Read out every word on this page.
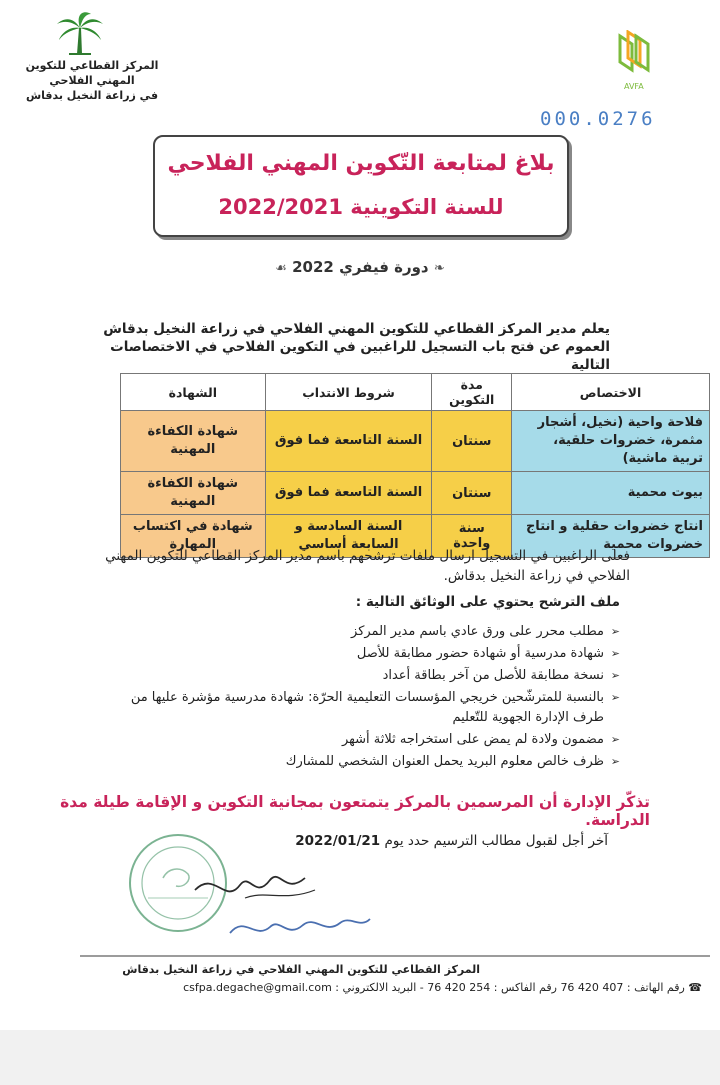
المركز القطاعي للتكوين المهني الفلاحي
في زراعة النخيل بدقاش
AVFA
000.0276
بلاغ لمتابعة التّكوين المهني الفلاحي
للسنة التكوينية 2022/2021
❧ دورة فيفري 2022 ☙
يعلم مدير المركز القطاعي للتكوين المهني الفلاحي في زراعة النخيل بدقاش
العموم عن فتح باب التسجيل للراغبين في التكوين الفلاحي في الاختصاصات التالية
الاختصاص	مدة التكوين	شروط الانتداب	الشهادة
فلاحة واحية (نخيل، أشجار مثمرة، خضروات حلقية، تربية ماشية)	سنتان	السنة التاسعة فما فوق	شهادة الكفاءة المهنية
بيوت محمية	سنتان	السنة التاسعة فما فوق	شهادة الكفاءة المهنية
انتاج خضروات حقلية و انتاج خضروات محمية	سنة واحدة	السنة السادسة و السابعة أساسي	شهادة في اكتساب المهارة
فعلى الراغبين في التسجيل ارسال ملفات ترشحهم باسم مدير المركز القطاعي للتكوين المهني الفلاحي في زراعة النخيل بدقاش.
ملف الترشح يحتوي على الوثائق التالية :
➢
مطلب محرر على ورق عادي باسم مدير المركز
➢
شهادة مدرسية أو شهادة حضور مطابقة للأصل
➢
نسخة مطابقة للأصل من آخر بطاقة أعداد
➢
بالنسبة للمترشّحين خريجي المؤسسات التعليمية الحرّة: شهادة مدرسية مؤشرة عليها من طرف الإدارة الجهوية للتّعليم
➢
مضمون ولادة لم يمض على استخراجه ثلاثة أشهر
➢
ظرف خالص معلوم البريد يحمل العنوان الشخصي للمشارك
تذكّر الإدارة أن المرسمين بالمركز يتمتعون بمجانية التكوين و الإقامة طيلة مدة الدراسة.
آخر أجل لقبول مطالب الترسيم حدد يوم 2022/01/21
المركز القطاعي للتكوين المهني الفلاحي في زراعة النخيل بدقاش
☎ رقم الهاتف : 76 420 407 رقم الفاكس : 76 420 254 - البريد الالكتروني : csfpa.degache@gmail.com
